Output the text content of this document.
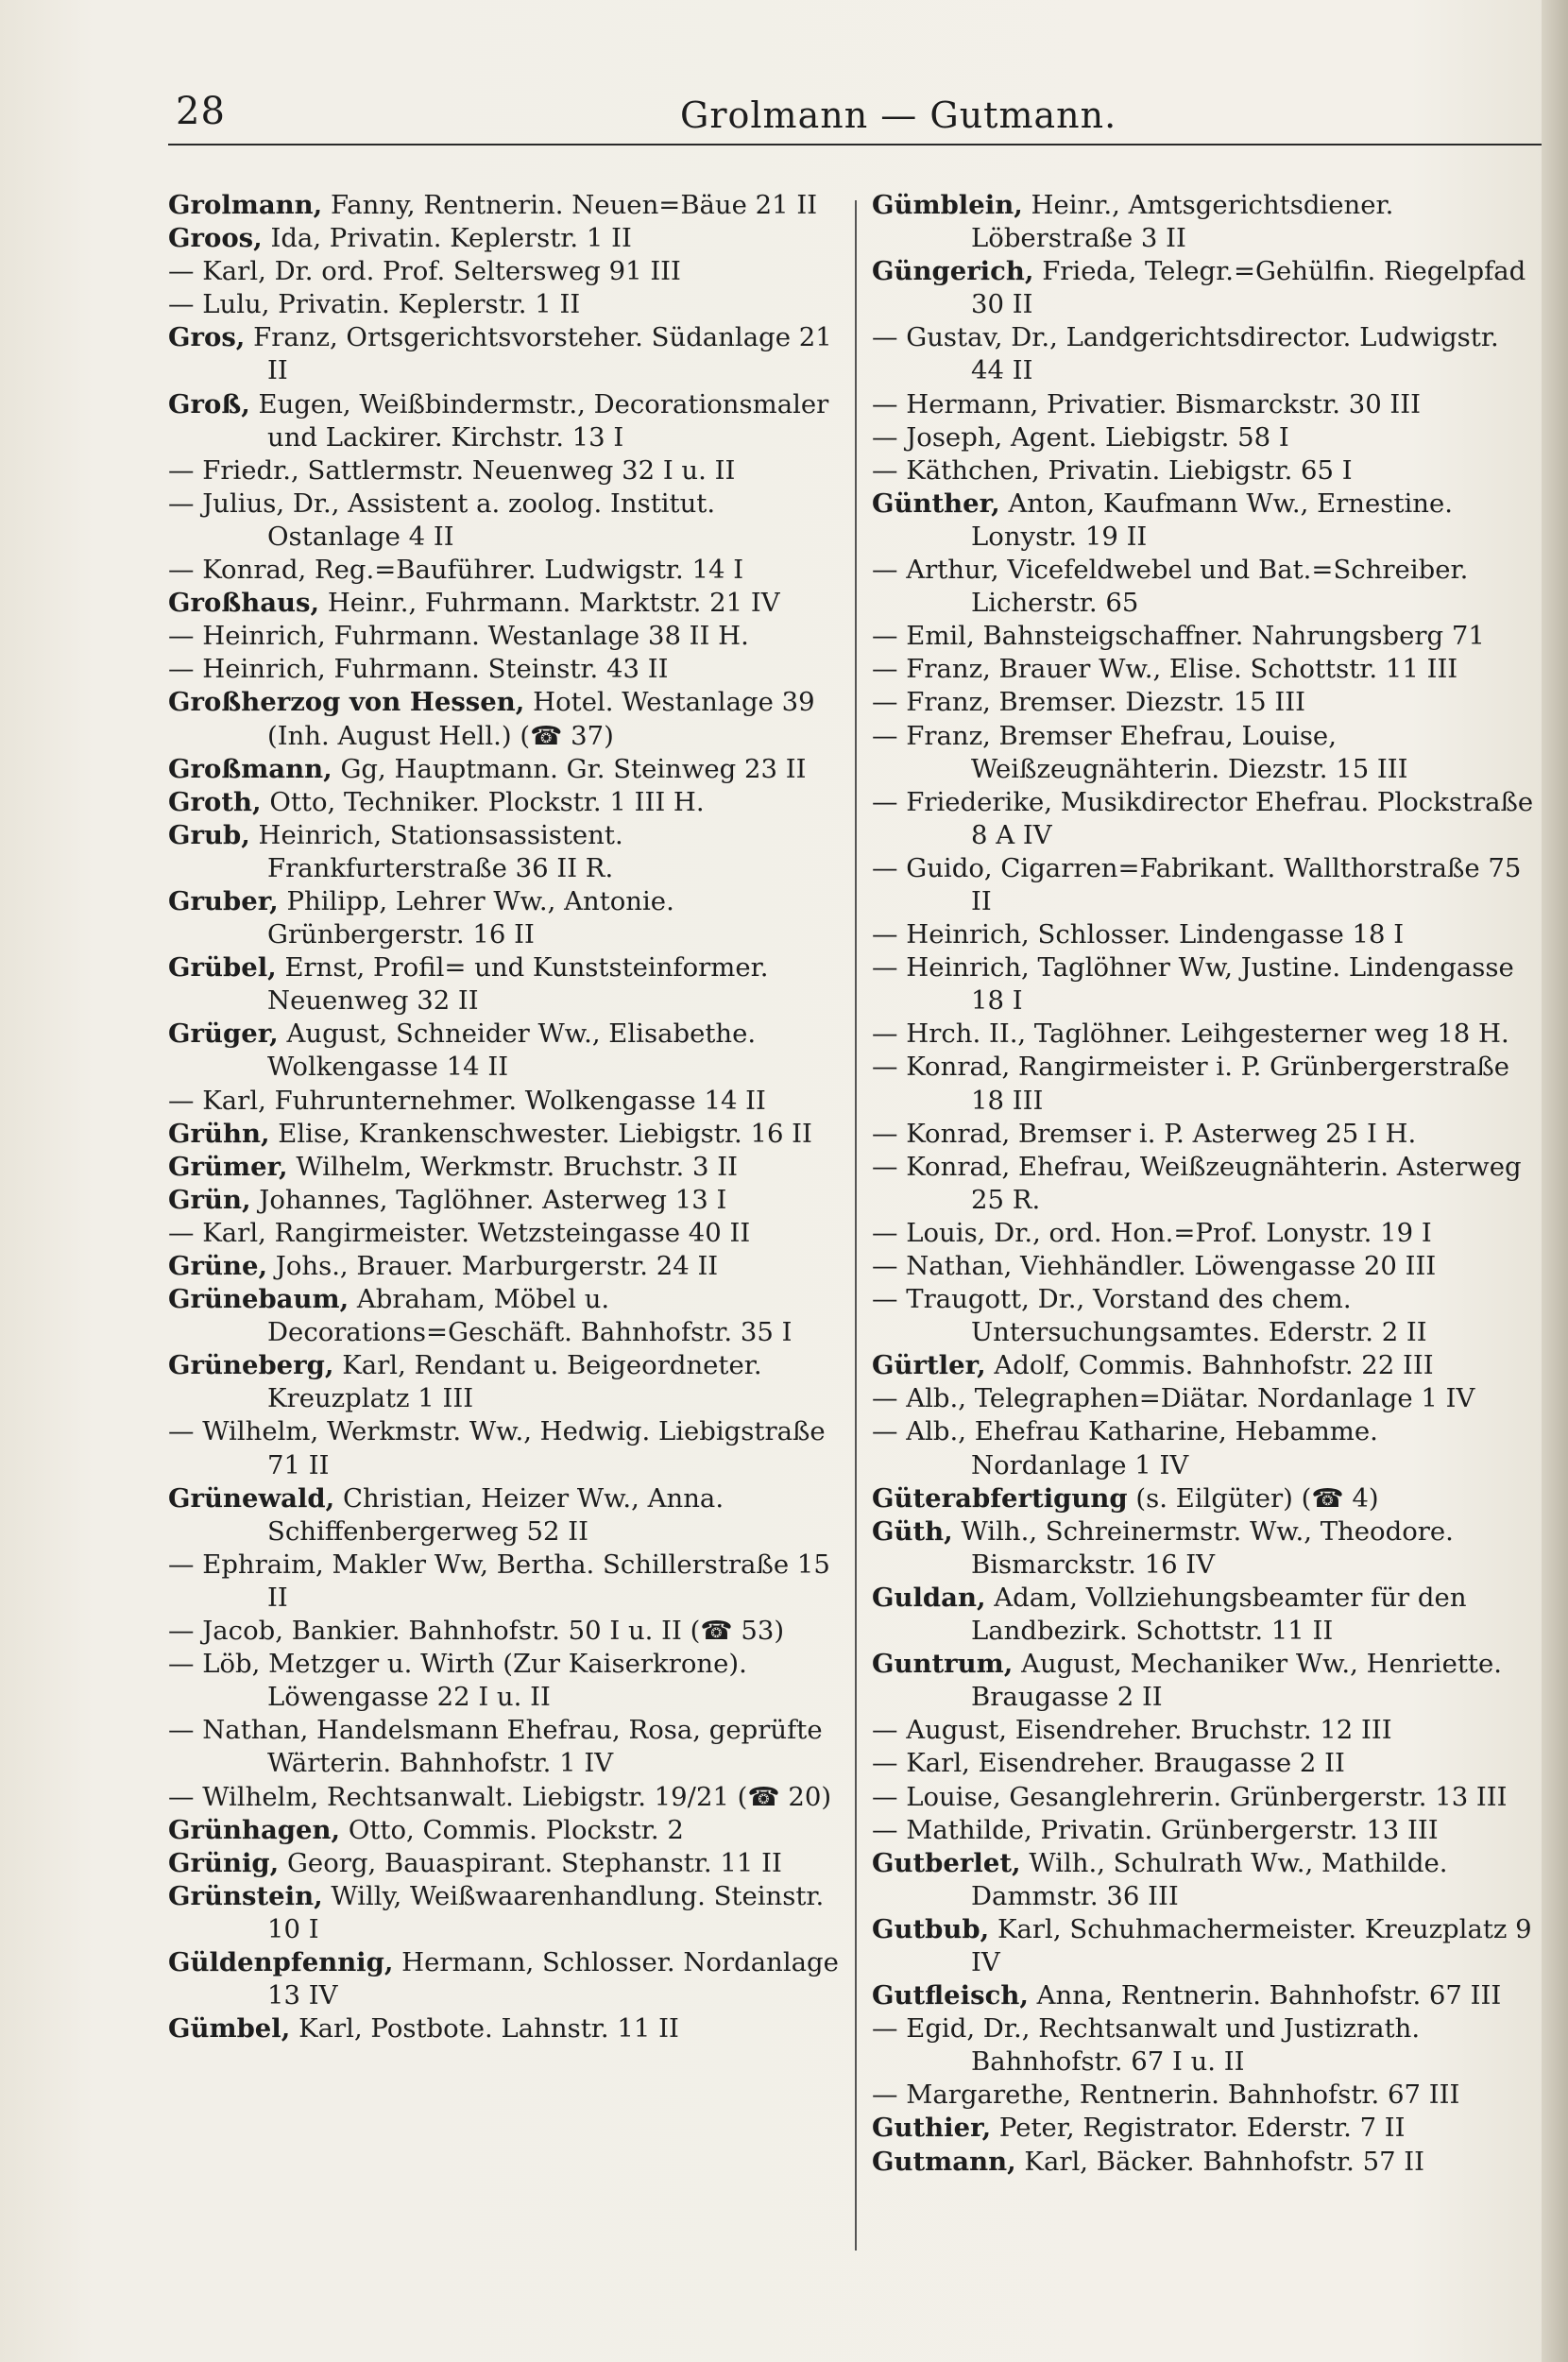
28	Grolmann — Gutmann.

Grolmann, Fanny, Rentnerin. Neuen=Bäue 21 II

Groos, Ida, Privatin. Keplerstr. 1 II

— Karl, Dr. ord. Prof. Seltersweg 91 III

— Lulu, Privatin. Keplerstr. 1 II

Gros, Franz, Ortsgerichtsvorsteher. Südanlage 21 II

Groß, Eugen, Weißbindermstr., Decorationsmaler und Lackirer. Kirchstr. 13 I

— Friedr., Sattlermstr. Neuenweg 32 I u. II

— Julius, Dr., Assistent a. zoolog. Institut. Ostanlage 4 II

— Konrad, Reg.=Bauführer. Ludwigstr. 14 I

Großhaus, Heinr., Fuhrmann. Marktstr. 21 IV

— Heinrich, Fuhrmann. Westanlage 38 II H.

— Heinrich, Fuhrmann. Steinstr. 43 II

Großherzog von Hessen, Hotel. Westanlage 39 (Inh. August Hell.) (☎ 37)

Großmann, Gg, Hauptmann. Gr. Steinweg 23 II

Groth, Otto, Techniker. Plockstr. 1 III H.

Grub, Heinrich, Stationsassistent. Frankfurterstraße 36 II R.

Gruber, Philipp, Lehrer Ww., Antonie. Grünbergerstr. 16 II

Grübel, Ernst, Profil= und Kunststeinformer. Neuenweg 32 II

Grüger, August, Schneider Ww., Elisabethe. Wolkengasse 14 II

— Karl, Fuhrunternehmer. Wolkengasse 14 II

Grühn, Elise, Krankenschwester. Liebigstr. 16 II

Grümer, Wilhelm, Werkmstr. Bruchstr. 3 II

Grün, Johannes, Taglöhner. Asterweg 13 I

— Karl, Rangirmeister. Wetzsteingasse 40 II

Grüne, Johs., Brauer. Marburgerstr. 24 II

Grünebaum, Abraham, Möbel u. Decorations=Geschäft. Bahnhofstr. 35 I

Grüneberg, Karl, Rendant u. Beigeordneter. Kreuzplatz 1 III

— Wilhelm, Werkmstr. Ww., Hedwig. Liebigstraße 71 II

Grünewald, Christian, Heizer Ww., Anna. Schiffenbergerweg 52 II

— Ephraim, Makler Ww, Bertha. Schillerstraße 15 II

— Jacob, Bankier. Bahnhofstr. 50 I u. II (☎ 53)

— Löb, Metzger u. Wirth (Zur Kaiserkrone). Löwengasse 22 I u. II

— Nathan, Handelsmann Ehefrau, Rosa, geprüfte Wärterin. Bahnhofstr. 1 IV

— Wilhelm, Rechtsanwalt. Liebigstr. 19/21 (☎ 20)

Grünhagen, Otto, Commis. Plockstr. 2

Grünig, Georg, Bauaspirant. Stephanstr. 11 II

Grünstein, Willy, Weißwaarenhandlung. Steinstr. 10 I

Güldenpfennig, Hermann, Schlosser. Nordanlage 13 IV

Gümbel, Karl, Postbote. Lahnstr. 11 II

Gümblein, Heinr., Amtsgerichtsdiener. Löberstraße 3 II

Güngerich, Frieda, Telegr.=Gehülfin. Riegelpfad 30 II

— Gustav, Dr., Landgerichtsdirector. Ludwigstr. 44 II

— Hermann, Privatier. Bismarckstr. 30 III

— Joseph, Agent. Liebigstr. 58 I

— Käthchen, Privatin. Liebigstr. 65 I

Günther, Anton, Kaufmann Ww., Ernestine. Lonystr. 19 II

— Arthur, Vicefeldwebel und Bat.=Schreiber. Licherstr. 65

— Emil, Bahnsteigschaffner. Nahrungsberg 71

— Franz, Brauer Ww., Elise. Schottstr. 11 III

— Franz, Bremser. Diezstr. 15 III

— Franz, Bremser Ehefrau, Louise, Weißzeugnähterin. Diezstr. 15 III

— Friederike, Musikdirector Ehefrau. Plockstraße 8 A IV

— Guido, Cigarren=Fabrikant. Wallthorstraße 75 II

— Heinrich, Schlosser. Lindengasse 18 I

— Heinrich, Taglöhner Ww, Justine. Lindengasse 18 I

— Hrch. II., Taglöhner. Leihgesterner weg 18 H.

— Konrad, Rangirmeister i. P. Grünbergerstraße 18 III

— Konrad, Bremser i. P. Asterweg 25 I H.

— Konrad, Ehefrau, Weißzeugnähterin. Asterweg 25 R.

— Louis, Dr., ord. Hon.=Prof. Lonystr. 19 I

— Nathan, Viehhändler. Löwengasse 20 III

— Traugott, Dr., Vorstand des chem. Untersuchungsamtes. Ederstr. 2 II

Gürtler, Adolf, Commis. Bahnhofstr. 22 III

— Alb., Telegraphen=Diätar. Nordanlage 1 IV

— Alb., Ehefrau Katharine, Hebamme. Nordanlage 1 IV

Güterabfertigung (s. Eilgüter) (☎ 4)

Güth, Wilh., Schreinermstr. Ww., Theodore. Bismarckstr. 16 IV

Guldan, Adam, Vollziehungsbeamter für den Landbezirk. Schottstr. 11 II

Guntrum, August, Mechaniker Ww., Henriette. Braugasse 2 II

— August, Eisendreher. Bruchstr. 12 III

— Karl, Eisendreher. Braugasse 2 II

— Louise, Gesanglehrerin. Grünbergerstr. 13 III

— Mathilde, Privatin. Grünbergerstr. 13 III

Gutberlet, Wilh., Schulrath Ww., Mathilde. Dammstr. 36 III

Gutbub, Karl, Schuhmachermeister. Kreuzplatz 9 IV

Gutfleisch, Anna, Rentnerin. Bahnhofstr. 67 III

— Egid, Dr., Rechtsanwalt und Justizrath. Bahnhofstr. 67 I u. II

— Margarethe, Rentnerin. Bahnhofstr. 67 III

Guthier, Peter, Registrator. Ederstr. 7 II

Gutmann, Karl, Bäcker. Bahnhofstr. 57 II
